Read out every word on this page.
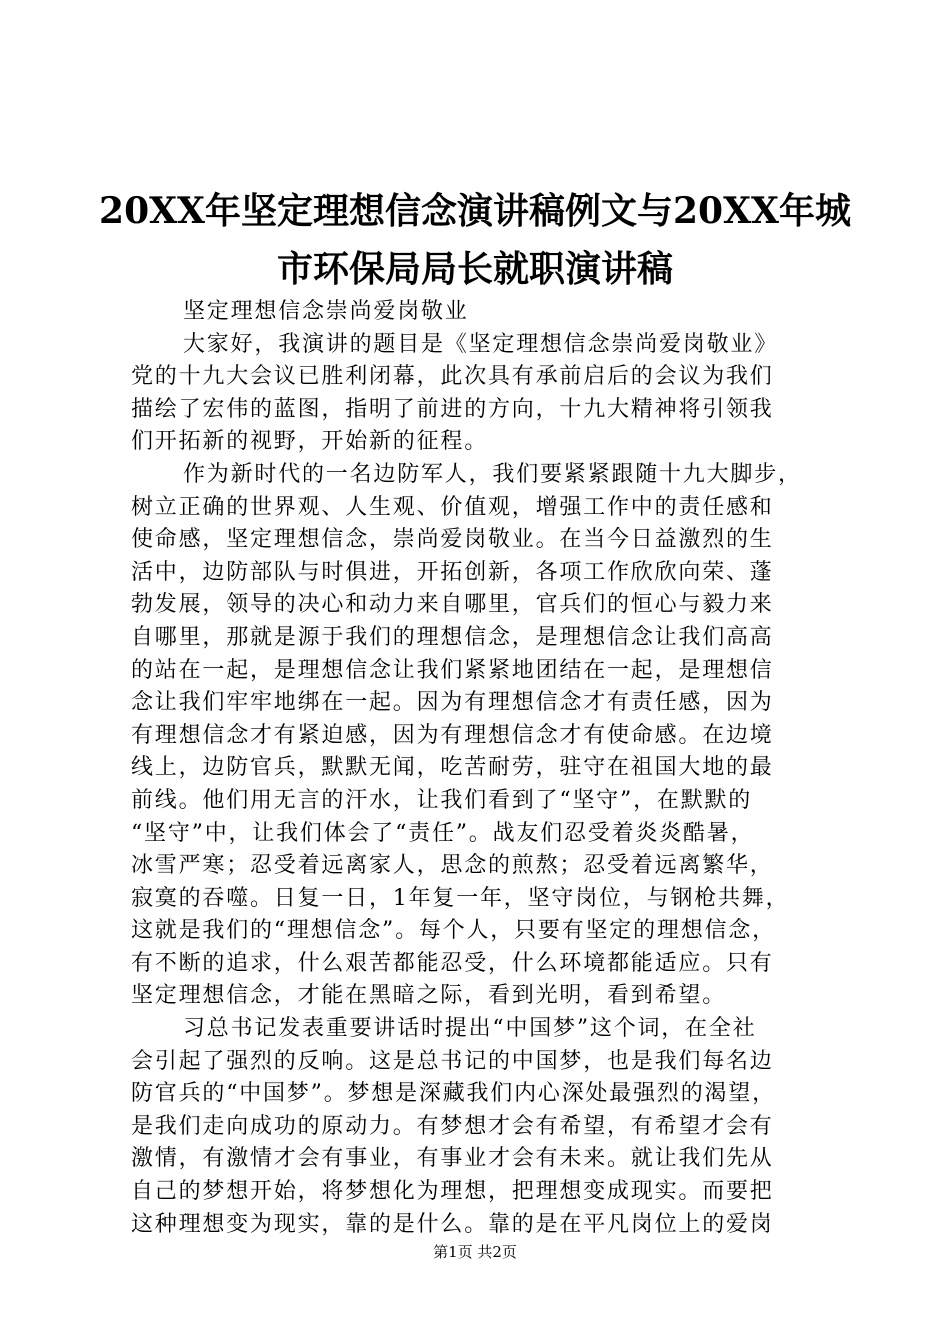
20XX年坚定理想信念演讲稿例文与20XX年城
市环保局局长就职演讲稿
坚定理想信念崇尚爱岗敬业
大家好，我演讲的题目是《坚定理想信念崇尚爱岗敬业》
党的十九大会议已胜利闭幕，此次具有承前启后的会议为我们
描绘了宏伟的蓝图，指明了前进的方向，十九大精神将引领我
们开拓新的视野，开始新的征程。
作为新时代的一名边防军人，我们要紧紧跟随十九大脚步，
树立正确的世界观、人生观、价值观，增强工作中的责任感和
使命感，坚定理想信念，崇尚爱岗敬业。在当今日益激烈的生
活中，边防部队与时俱进，开拓创新，各项工作欣欣向荣、蓬
勃发展，领导的决心和动力来自哪里，官兵们的恒心与毅力来
自哪里，那就是源于我们的理想信念，是理想信念让我们高高
的站在一起，是理想信念让我们紧紧地团结在一起，是理想信
念让我们牢牢地绑在一起。因为有理想信念才有责任感，因为
有理想信念才有紧迫感，因为有理想信念才有使命感。在边境
线上，边防官兵，默默无闻，吃苦耐劳，驻守在祖国大地的最
前线。他们用无言的汗水，让我们看到了“坚守”，在默默的
“坚守”中，让我们体会了“责任”。战友们忍受着炎炎酷暑，
冰雪严寒；忍受着远离家人，思念的煎熬；忍受着远离繁华，
寂寞的吞噬。日复一日，1年复一年，坚守岗位，与钢枪共舞，
这就是我们的“理想信念”。每个人，只要有坚定的理想信念，
有不断的追求，什么艰苦都能忍受，什么环境都能适应。只有
坚定理想信念，才能在黑暗之际，看到光明，看到希望。
习总书记发表重要讲话时提出“中国梦”这个词，在全社
会引起了强烈的反响。这是总书记的中国梦，也是我们每名边
防官兵的“中国梦”。梦想是深藏我们内心深处最强烈的渴望，
是我们走向成功的原动力。有梦想才会有希望，有希望才会有
激情，有激情才会有事业，有事业才会有未来。就让我们先从
自己的梦想开始，将梦想化为理想，把理想变成现实。而要把
这种理想变为现实，靠的是什么。靠的是在平凡岗位上的爱岗
第1页 共2页
